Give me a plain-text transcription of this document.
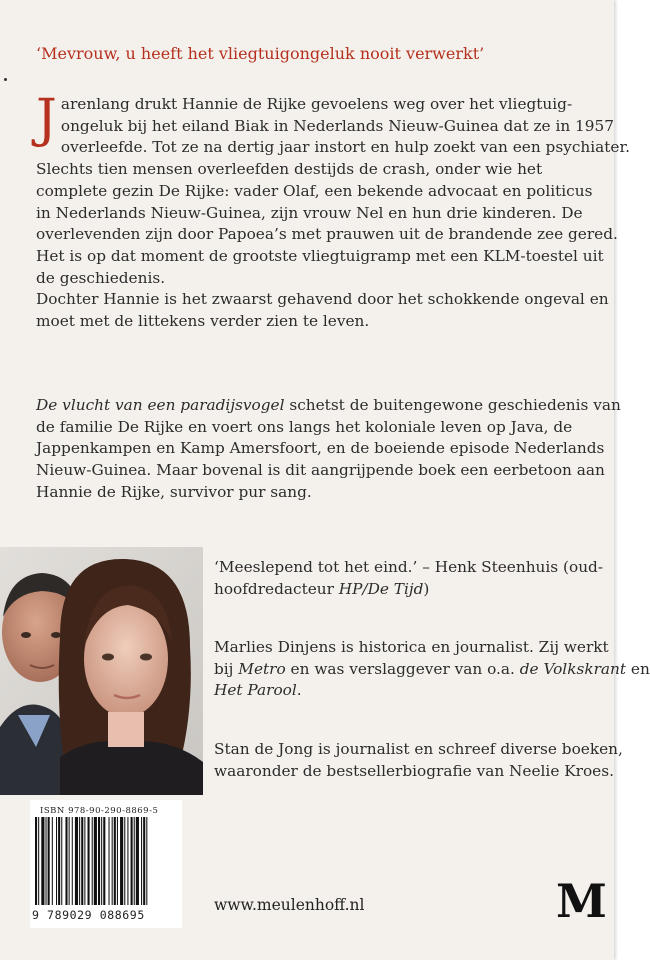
‘Mevrouw, u heeft het vliegtuigongeluk nooit verwerkt’
J arenlang drukt Hannie de Rijke gevoelens weg over het vliegtuig-
ongeluk bij het eiland Biak in Nederlands Nieuw-Guinea dat ze in 1957
overleefde. Tot ze na dertig jaar instort en hulp zoekt van een psychiater.
Slechts tien mensen overleefden destijds de crash, onder wie het
complete gezin De Rijke: vader Olaf, een bekende advocaat en politicus
in Nederlands Nieuw-Guinea, zijn vrouw Nel en hun drie kinderen. De
overlevenden zijn door Papoea’s met prauwen uit de brandende zee gered.
Het is op dat moment de grootste vliegtuigramp met een KLM-toestel uit
de geschiedenis.
Dochter Hannie is het zwaarst gehavend door het schokkende ongeval en
moet met de littekens verder zien te leven.
De vlucht van een paradijsvogel schetst de buitengewone geschiedenis van
de familie De Rijke en voert ons langs het koloniale leven op Java, de
Jappenkampen en Kamp Amersfoort, en de boeiende episode Nederlands
Nieuw-Guinea. Maar bovenal is dit aangrijpende boek een eerbetoon aan
Hannie de Rijke, survivor pur sang.
‘Meeslepend tot het eind.’ – Henk Steenhuis (oud-
hoofdredacteur HP/De Tijd)
Marlies Dinjens is historica en journalist. Zij werkt
bij Metro en was verslaggever van o.a. de Volkskrant en
Het Parool.
Stan de Jong is journalist en schreef diverse boeken,
waaronder de bestsellerbiografie van Neelie Kroes.
ISBN 978-90-290-8869-5
9 789029 088695
www.meulenhoff.nl	M
